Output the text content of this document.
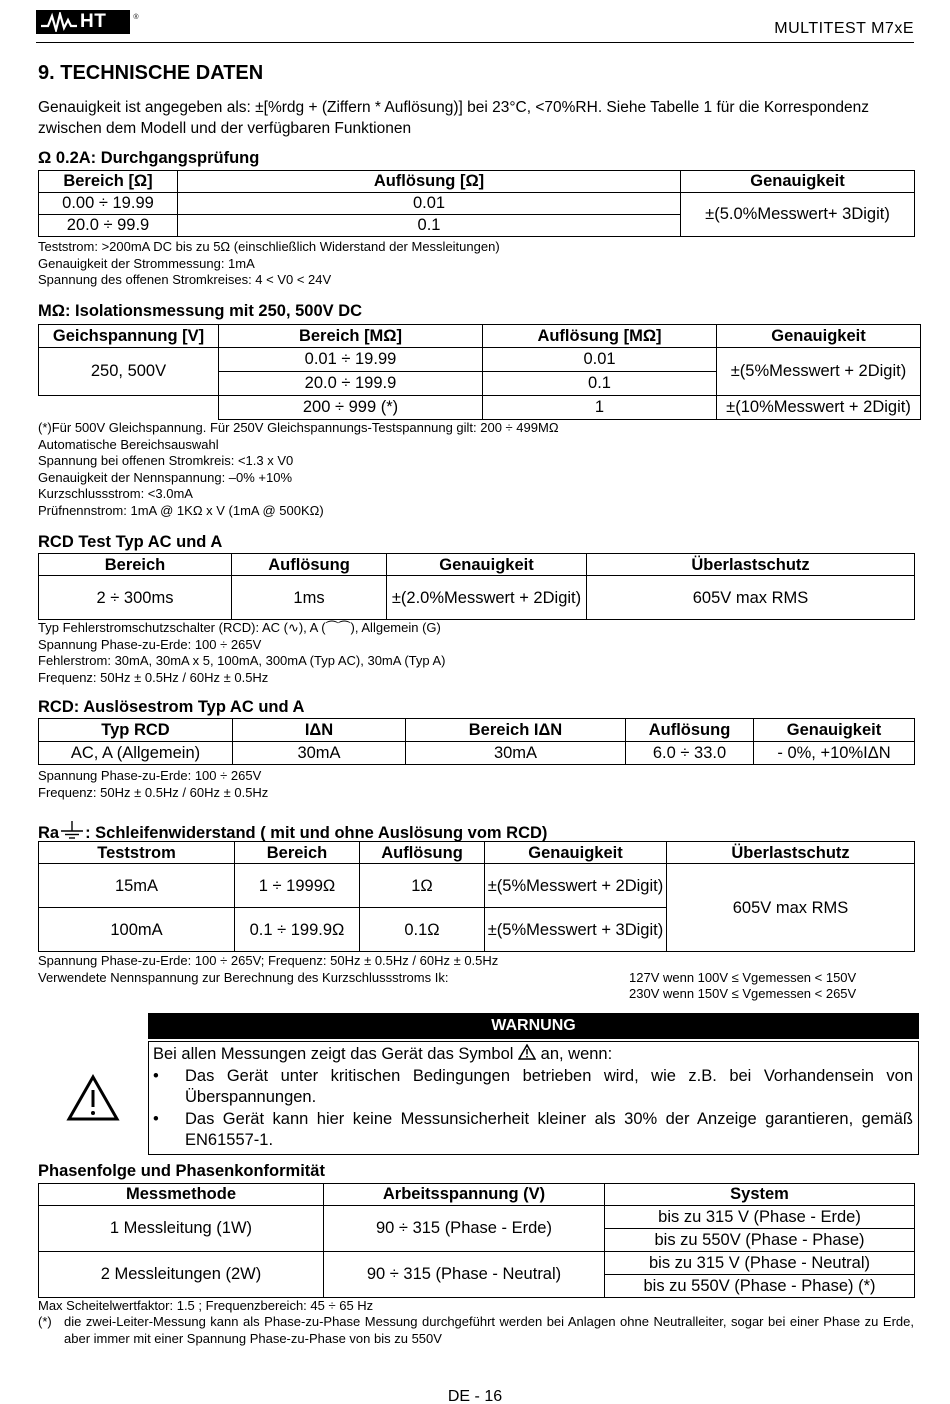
HT	®
MULTITEST M7xE
9. TECHNISCHE DATEN
Genauigkeit ist angegeben als: ±[%rdg + (Ziffern * Auflösung)] bei 23°C, <70%RH. Siehe Tabelle 1 für die Korrespondenz zwischen dem Modell und der verfügbaren Funktionen
Ω 0.2A: Durchgangsprüfung
Bereich [Ω]	Auflösung [Ω]	Genauigkeit
0.00 ÷ 19.99	0.01	±(5.0%Messwert+ 3Digit)
20.0 ÷ 99.9	0.1	
Teststrom: >200mA DC bis zu 5Ω (einschließlich Widerstand der Messleitungen)
Genauigkeit der Strommessung: 1mA
Spannung des offenen Stromkreises: 4 < V0 < 24V
MΩ: Isolationsmessung mit 250, 500V DC
Geichspannung [V]	Bereich [MΩ]	Auflösung [MΩ]	Genauigkeit
250, 500V	0.01 ÷ 19.99	0.01	±(5%Messwert + 2Digit)
	20.0 ÷ 199.9	0.1	
	200 ÷ 999 (*)	1	±(10%Messwert + 2Digit)
(*)Für 500V Gleichspannung. Für 250V Gleichspannungs-Testspannung gilt: 200 ÷ 499MΩ
Automatische Bereichsauswahl
Spannung bei offenen Stromkreis: <1.3 x V0
Genauigkeit der Nennspannung: –0% +10%
Kurzschlussstrom: <3.0mA
Prüfnennstrom: 1mA @ 1KΩ x V (1mA @ 500KΩ)
RCD Test Typ AC und A
Bereich	Auflösung	Genauigkeit	Überlastschutz
2 ÷ 300ms	1ms	±(2.0%Messwert + 2Digit)	605V max RMS
Typ Fehlerstromschutzschalter (RCD): AC (∿), A (⏜⏜), Allgemein (G)
Spannung Phase-zu-Erde: 100 ÷ 265V
Fehlerstrom: 30mA, 30mA x 5, 100mA, 300mA (Typ AC), 30mA (Typ A)
Frequenz: 50Hz ± 0.5Hz / 60Hz ± 0.5Hz
RCD: Auslösestrom Typ AC und A
Typ RCD	IΔN	Bereich IΔN	Auflösung	Genauigkeit
AC, A (Allgemein)	30mA	30mA	6.0 ÷ 33.0	- 0%, +10%IΔN
Spannung Phase-zu-Erde: 100 ÷ 265V
Frequenz: 50Hz ± 0.5Hz / 60Hz ± 0.5Hz
Ra : Schleifenwiderstand ( mit und ohne Auslösung vom RCD)
Teststrom	Bereich	Auflösung	Genauigkeit	Überlastschutz
15mA	1 ÷ 1999Ω	1Ω	±(5%Messwert + 2Digit)	605V max RMS
100mA	0.1 ÷ 199.9Ω	0.1Ω	±(5%Messwert + 3Digit)	
Spannung Phase-zu-Erde: 100 ÷ 265V; Frequenz: 50Hz ± 0.5Hz / 60Hz ± 0.5Hz
Verwendete Nennspannung zur Berechnung des Kurzschlussstroms Ik:	127V wenn 100V ≤ Vgemessen < 150V
230V wenn 150V ≤ Vgemessen < 265V
WARNUNG
Bei allen Messungen zeigt das Gerät das Symbol an, wenn:
•	Das Gerät unter kritischen Bedingungen betrieben wird, wie z.B. bei Vorhandensein von Überspannungen.
•	Das Gerät kann hier keine Messunsicherheit kleiner als 30% der Anzeige garantieren, gemäß EN61557-1.
Phasenfolge und Phasenkonformität
Messmethode	Arbeitsspannung (V)	System
1 Messleitung (1W)	90 ÷ 315 (Phase - Erde)	bis zu 315 V (Phase - Erde)
		bis zu 550V (Phase - Phase)
2 Messleitungen (2W)	90 ÷ 315 (Phase - Neutral)	bis zu 315 V (Phase - Neutral)
		bis zu 550V (Phase - Phase) (*)
Max Scheitelwertfaktor: 1.5 ; Frequenzbereich: 45 ÷ 65 Hz
(*) die zwei-Leiter-Messung kann als Phase-zu-Phase Messung durchgeführt werden bei Anlagen ohne Neutralleiter, sogar bei einer Phase zu Erde, aber immer mit einer Spannung Phase-zu-Phase von bis zu 550V
DE - 16
